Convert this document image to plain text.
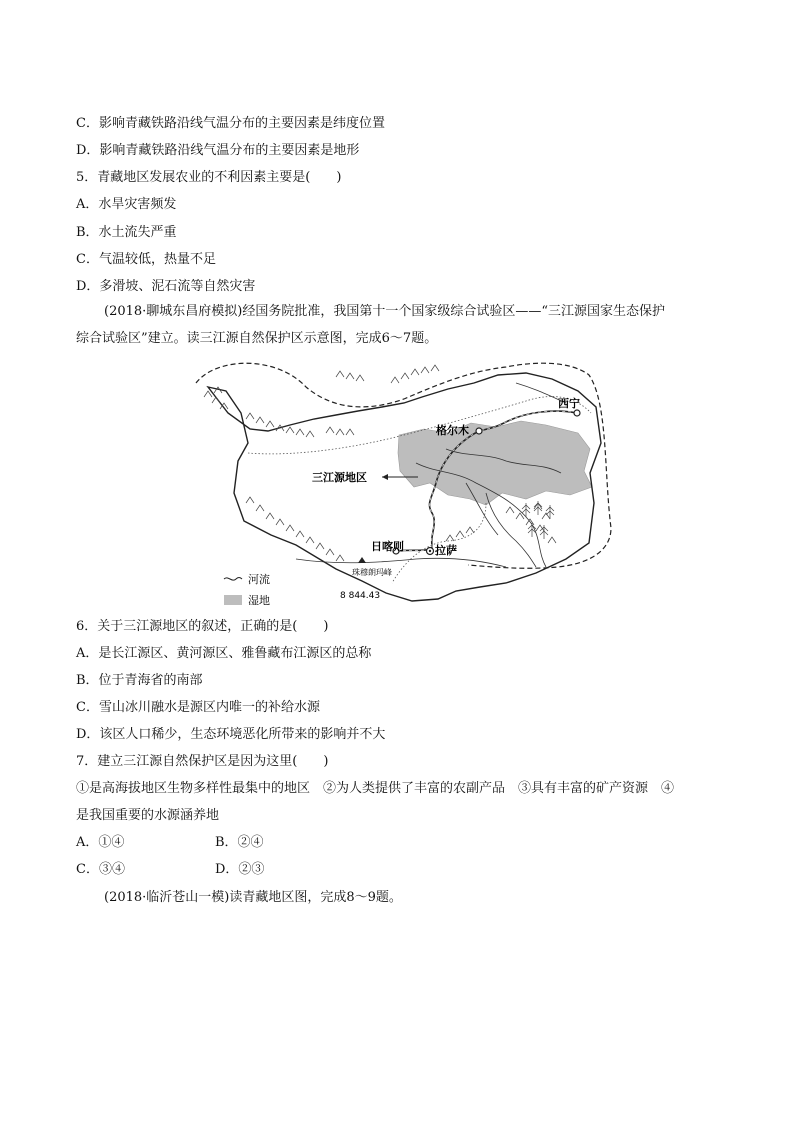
C．影响青藏铁路沿线气温分布的主要因素是纬度位置
D．影响青藏铁路沿线气温分布的主要因素是地形
5．青藏地区发展农业的不利因素主要是(　　)
A．水旱灾害频发
B．水土流失严重
C．气温较低，热量不足
D．多滑坡、泥石流等自然灾害
(2018·聊城东昌府模拟)经国务院批准，我国第十一个国家级综合试验区——“三江源国家生态保护
综合试验区”建立。读三江源自然保护区示意图，完成6～7题。
西宁
格尔木
三江源地区
日喀则	拉萨
珠穆朗玛峰
8 844.43
河流
湿地
6．关于三江源地区的叙述，正确的是(　　)
A．是长江源区、黄河源区、雅鲁藏布江源区的总称
B．位于青海省的南部
C．雪山冰川融水是源区内唯一的补给水源
D．该区人口稀少，生态环境恶化所带来的影响并不大
7．建立三江源自然保护区是因为这里(　　)
①是高海拔地区生物多样性最集中的地区　②为人类提供了丰富的农副产品　③具有丰富的矿产资源　④
是我国重要的水源涵养地
A．①④	B．②④
C．③④	D．②③
(2018·临沂苍山一模)读青藏地区图，完成8～9题。
